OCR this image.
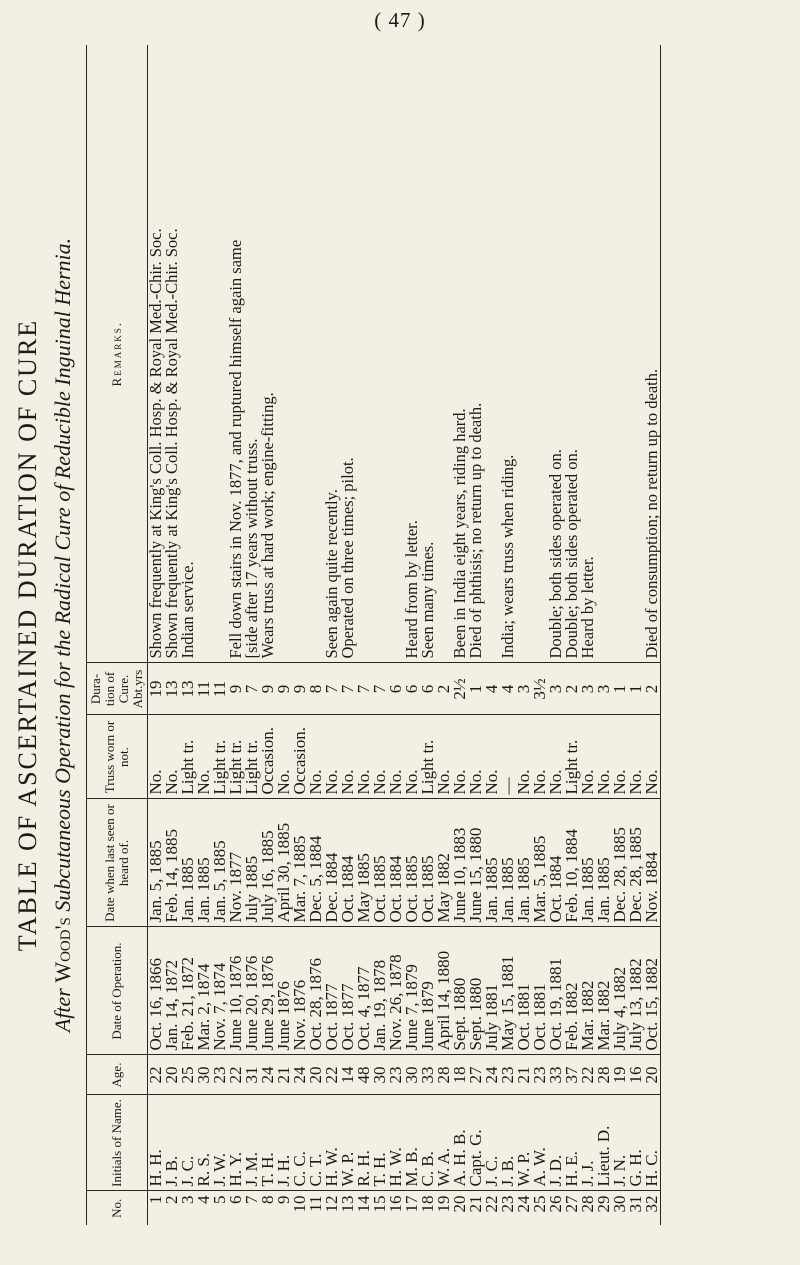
( 47 )
TABLE OF ASCERTAINED DURATION OF CURE
After Wood's Subcutaneous Operation for the Radical Cure of Reducible Inguinal Hernia.
No.	Initials of Name.	Age.	Date of Operation.	Date when last seen or heard of.	Truss worn or not.	Dura-tion of Cure. Abt.yrs	Remarks.
1	H. H.	22	Oct. 16, 1866	Jan. 5, 1885	No.	19	Shown frequently at King's Coll. Hosp. & Royal Med.-Chir. Soc.
2	J. B.	20	Jan. 14, 1872	Feb. 14, 1885	No.	13	Shown frequently at King's Coll. Hosp. & Royal Med.-Chir. Soc.
3	J. C.	25	Feb. 21, 1872	Jan. 1885	Light tr.	13	Indian service.
4	R. S.	30	Mar. 2, 1874	Jan. 1885	No.	11	
5	J. W.	23	Nov. 7, 1874	Jan. 5, 1885	Light tr.	11	
6	H. Y.	22	June 10, 1876	Nov. 1877	Light tr.	9	Fell down stairs in Nov. 1877, and ruptured himself again same
7	J. M.	31	June 20, 1876	July 1885	Light tr.	7	[side after 17 years without truss.
8	T. H.	24	June 29, 1876	July 16, 1885	Occasion.	9	Wears truss at hard work; engine-fitting.
9	J. H.	21	June 1876	April 30, 1885	No.	9	
10	C. C.	24	Nov. 1876	Mar. 7, 1885	Occasion.	9	
11	C. T.	20	Oct. 28, 1876	Dec. 5, 1884	No.	8	
12	H. W.	22	Oct. 1877	Dec. 1884	No.	7	Seen again quite recently.
13	W. P.	14	Oct. 1877	Oct. 1884	No.	7	Operated on three times; pilot.
14	R. H.	48	Oct. 4, 1877	May 1885	No.	7	
15	T. H.	30	Jan. 19, 1878	Oct. 1885	No.	7	
16	H. W.	23	Nov. 26, 1878	Oct. 1884	No.	6	
17	M. B.	30	June 7, 1879	Oct. 1885	No.	6	Heard from by letter.
18	C. B.	33	June 1879	Oct. 1885	Light tr.	6	Seen many times.
19	W. A.	28	April 14, 1880	May 1882	No.	2	
20	A. H. B.	18	Sept. 1880	June 10, 1883	No.	2½	Been in India eight years, riding hard.
21	Capt. G.	27	Sept. 1880	June 15, 1880	No.	1	Died of phthisis; no return up to death.
22	J. C.	24	July 1881	Jan. 1885	No.	4	
23	J. B.	23	May 15, 1881	Jan. 1885	—	4	India; wears truss when riding.
24	W. P.	21	Oct. 1881	Jan. 1885	No.	3	
25	A. W.	23	Oct. 1881	Mar. 5, 1885	No.	3½	
26	J. D.	33	Oct. 19, 1881	Oct. 1884	No.	3	Double; both sides operated on.
27	H. E.	37	Feb. 1882	Feb. 10, 1884	Light tr.	2	Double; both sides operated on.
28	J. J.	22	Mar. 1882	Jan. 1885	No.	3	Heard by letter.
29	Lieut. D.	28	Mar. 1882	Jan. 1885	No.	3	
30	J. N.	19	July 4, 1882	Dec. 28, 1885	No.	1	
31	G. H.	16	July 13, 1882	Dec. 28, 1885	No.	1	
32	H. C.	20	Oct. 15, 1882	Nov. 1884	No.	2	Died of consumption; no return up to death.
